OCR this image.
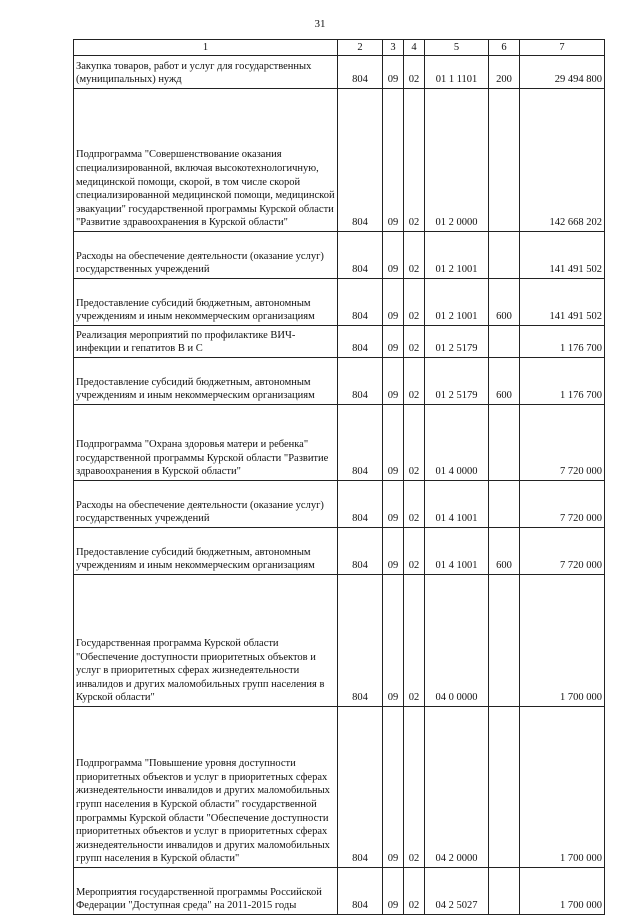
31
1	2	3	4	5	6	7
Закупка товаров, работ и услуг для государственных (муниципальных) нужд	804	09	02	01 1 1101	200	29 494 800
Подпрограмма "Совершенствование оказания специализированной, включая высокотехнологичную, медицинской помощи, скорой, в том числе скорой специализированной медицинской помощи, медицинской эвакуации" государственной программы Курской области "Развитие здравоохранения в Курской области"	804	09	02	01 2 0000		142 668 202
Расходы на обеспечение деятельности (оказание услуг) государственных учреждений	804	09	02	01 2 1001		141 491 502
Предоставление субсидий бюджетным, автономным учреждениям и иным некоммерческим организациям	804	09	02	01 2 1001	600	141 491 502
Реализация мероприятий по профилактике ВИЧ-инфекции и гепатитов В и С	804	09	02	01 2 5179		1 176 700
Предоставление субсидий бюджетным, автономным учреждениям и иным некоммерческим организациям	804	09	02	01 2 5179	600	1 176 700
Подпрограмма "Охрана здоровья матери и ребенка" государственной программы Курской области "Развитие здравоохранения в Курской области"	804	09	02	01 4 0000		7 720 000
Расходы на обеспечение деятельности (оказание услуг) государственных учреждений	804	09	02	01 4 1001		7 720 000
Предоставление субсидий бюджетным, автономным учреждениям и иным некоммерческим организациям	804	09	02	01 4 1001	600	7 720 000
Государственная программа Курской области "Обеспечение доступности приоритетных объектов и услуг в приоритетных сферах жизнедеятельности инвалидов и других маломобильных групп населения в Курской области"	804	09	02	04 0 0000		1 700 000
Подпрограмма "Повышение уровня доступности приоритетных объектов и услуг в приоритетных сферах жизнедеятельности инвалидов и других маломобильных групп населения в Курской области" государственной программы Курской области "Обеспечение доступности приоритетных объектов и услуг в приоритетных сферах жизнедеятельности инвалидов и других маломобильных групп населения в Курской области"	804	09	02	04 2 0000		1 700 000
Мероприятия государственной программы Российской Федерации "Доступная среда" на 2011-2015 годы	804	09	02	04 2 5027		1 700 000
